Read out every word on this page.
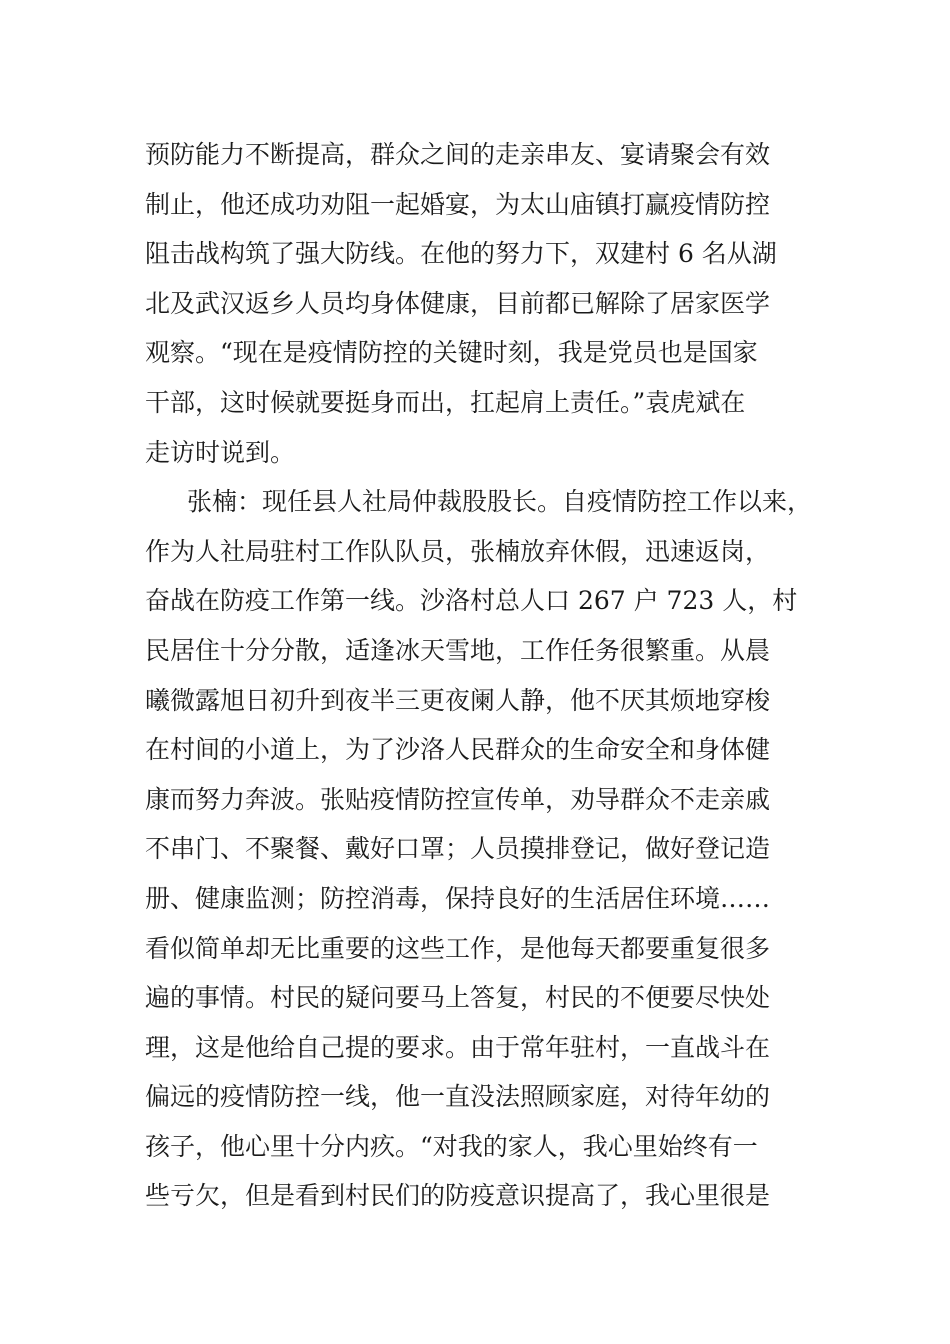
预防能力不断提高，群众之间的走亲串友、宴请聚会有效
制止，他还成功劝阻一起婚宴，为太山庙镇打赢疫情防控
阻击战构筑了强大防线。在他的努力下，双建村 6 名从湖
北及武汉返乡人员均身体健康，目前都已解除了居家医学
观察。“现在是疫情防控的关键时刻，我是党员也是国家
干部，这时候就要挺身而出，扛起肩上责任。”袁虎斌在
走访时说到。
张楠：现任县人社局仲裁股股长。自疫情防控工作以来，
作为人社局驻村工作队队员，张楠放弃休假，迅速返岗，
奋战在防疫工作第一线。沙洛村总人口 267 户 723 人，村
民居住十分分散，适逢冰天雪地，工作任务很繁重。从晨
曦微露旭日初升到夜半三更夜阑人静，他不厌其烦地穿梭
在村间的小道上，为了沙洛人民群众的生命安全和身体健
康而努力奔波。张贴疫情防控宣传单，劝导群众不走亲戚
不串门、不聚餐、戴好口罩；人员摸排登记，做好登记造
册、健康监测；防控消毒，保持良好的生活居住环境……
看似简单却无比重要的这些工作，是他每天都要重复很多
遍的事情。村民的疑问要马上答复，村民的不便要尽快处
理，这是他给自己提的要求。由于常年驻村，一直战斗在
偏远的疫情防控一线，他一直没法照顾家庭，对待年幼的
孩子，他心里十分内疚。“对我的家人，我心里始终有一
些亏欠，但是看到村民们的防疫意识提高了，我心里很是
